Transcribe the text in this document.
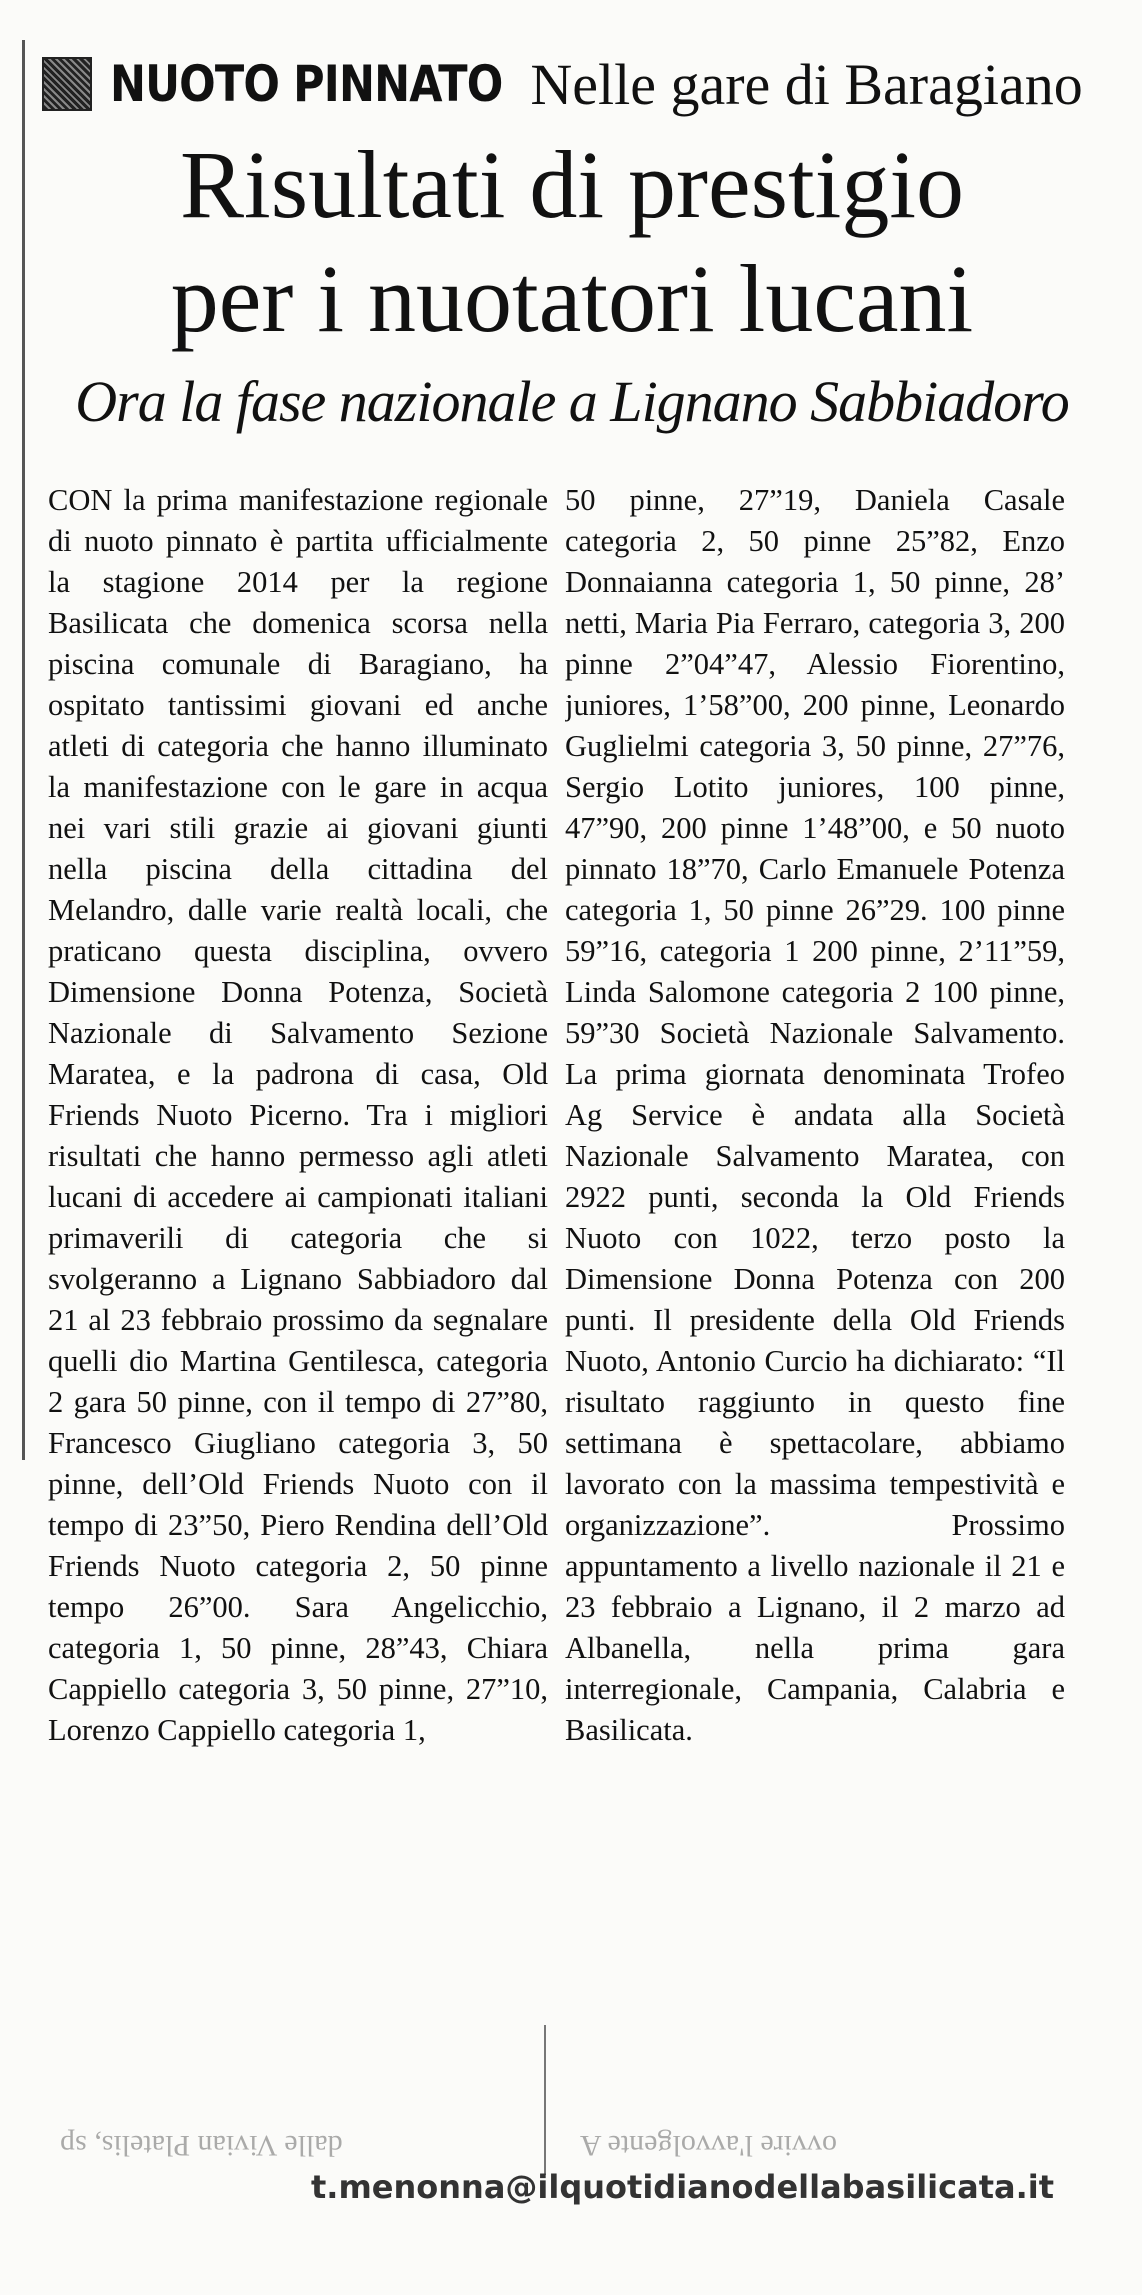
NUOTO PINNATO Nelle gare di Baragiano
Risultati di prestigio
per i nuotatori lucani
Ora la fase nazionale a Lignano Sabbiadoro
CON la prima manifestazione regionale di nuoto pinnato è partita ufficialmente la stagione 2014 per la regione Basilicata che domenica scorsa nella piscina comunale di Baragiano, ha ospitato tantissimi giovani ed anche atleti di categoria che hanno illuminato la manifestazione con le gare in acqua nei vari stili grazie ai giovani giunti nella piscina della cittadina del Melandro, dalle varie realtà locali, che praticano questa disciplina, ovvero Dimensione Donna Potenza, Società Nazionale di Salvamento Sezione Maratea, e la padrona di casa, Old Friends Nuoto Picerno. Tra i migliori risultati che hanno permesso agli atleti lucani di accedere ai campionati italiani primaverili di categoria che si svolgeranno a Lignano Sabbiadoro dal 21 al 23 febbraio prossimo da segnalare quelli dio Martina Gentilesca, categoria 2 gara 50 pinne, con il tempo di 27”80, Francesco Giugliano categoria 3, 50 pinne, dell’Old Friends Nuoto con il tempo di 23”50, Piero Rendina dell’Old Friends Nuoto categoria 2, 50 pinne tempo 26”00. Sara Angelicchio, categoria 1, 50 pinne, 28”43, Chiara Cappiello categoria 3, 50 pinne, 27”10, Lorenzo Cappiello categoria 1,
50 pinne, 27”19, Daniela Casale categoria 2, 50 pinne 25”82, Enzo Donnaianna categoria 1, 50 pinne, 28’ netti, Maria Pia Ferraro, categoria 3, 200 pinne 2”04”47, Alessio Fiorentino, juniores, 1’58”00, 200 pinne, Leonardo Guglielmi categoria 3, 50 pinne, 27”76, Sergio Lotito juniores, 100 pinne, 47”90, 200 pinne 1’48”00, e 50 nuoto pinnato 18”70, Carlo Emanuele Potenza categoria 1, 50 pinne 26”29. 100 pinne 59”16, categoria 1 200 pinne, 2’11”59, Linda Salomone categoria 2 100 pinne, 59”30 Società Nazionale Salvamento. La prima giornata denominata Trofeo Ag Service è andata alla Società Nazionale Salvamento Maratea, con 2922 punti, seconda la Old Friends Nuoto con 1022, terzo posto la Dimensione Donna Potenza con 200 punti. Il presidente della Old Friends Nuoto, Antonio Curcio ha dichiarato: “Il risultato raggiunto in questo fine settimana è spettacolare, abbiamo lavorato con la massima tempestività e organizzazione”. Prossimo appuntamento a livello nazionale il 21 e 23 febbraio a Lignano, il 2 marzo ad Albanella, nella prima gara interregionale, Campania, Calabria e Basilicata.
dalle Vivian Platelis, sp	ovvire l'avvolgente A
t.menonna@ilquotidianodellabasilicata.it
